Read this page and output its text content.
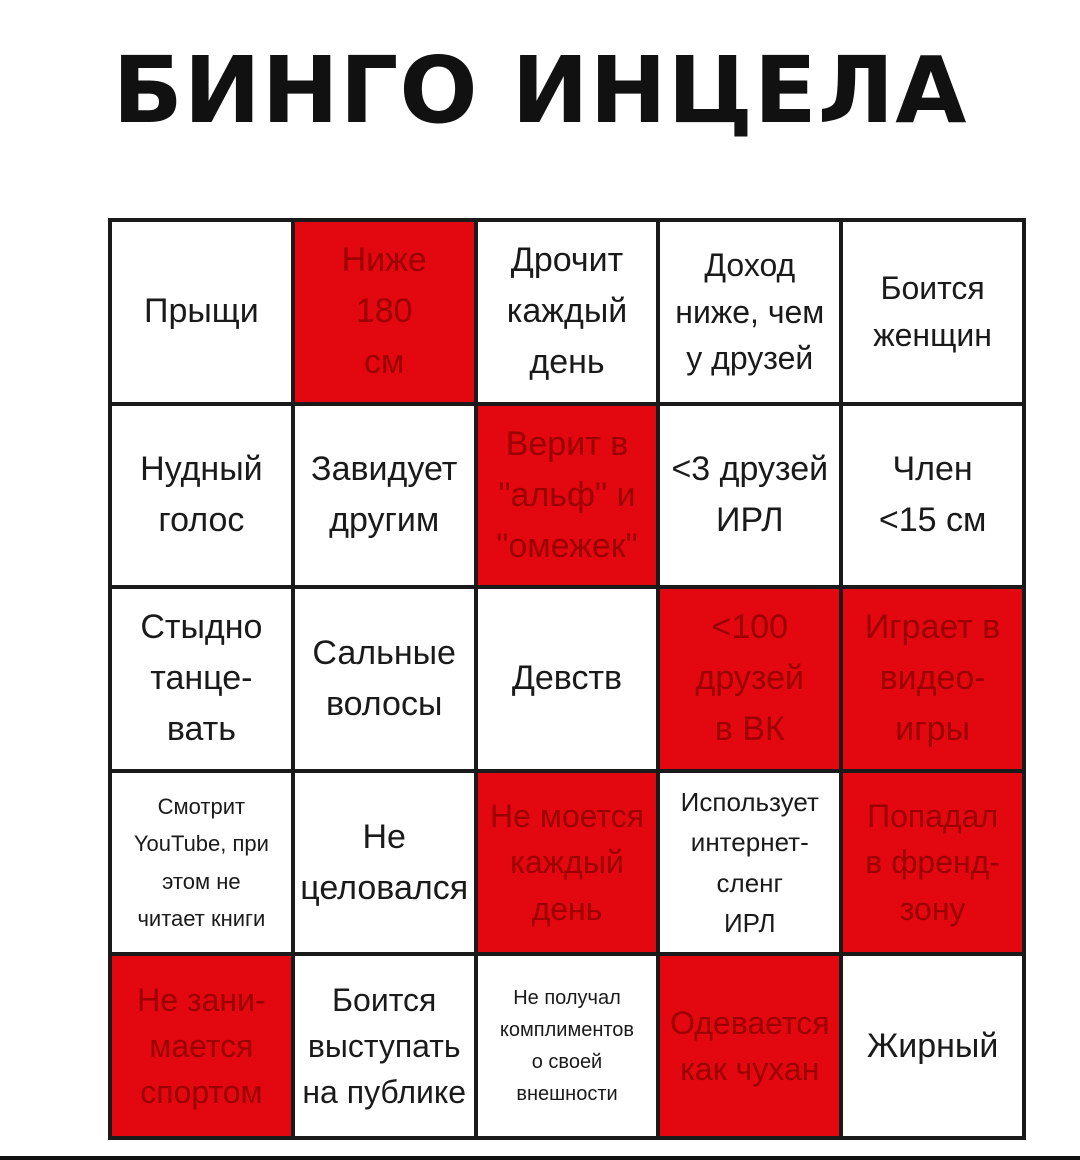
БИНГО ИНЦЕЛА
Прыщи
Ниже
180
см
Дрочит
каждый
день
Доход
ниже, чем
у друзей
Боится
женщин
Нудный
голос
Завидует
другим
Верит в
"альф" и
"омежек"
<3 друзей
ИРЛ
Член
<15 см
Стыдно
танце-
вать
Сальные
волосы
Девств
<100
друзей
в ВК
Играет в
видео-
игры
Смотрит
YouTube, при
этом не
читает книги
Не
целовался
Не моется
каждый
день
Использует
интернет-
сленг
ИРЛ
Попадал
в френд-
зону
Не зани-
мается
спортом
Боится
выступать
на публике
Не получал
комплиментов
о своей
внешности
Одевается
как чухан
Жирный
